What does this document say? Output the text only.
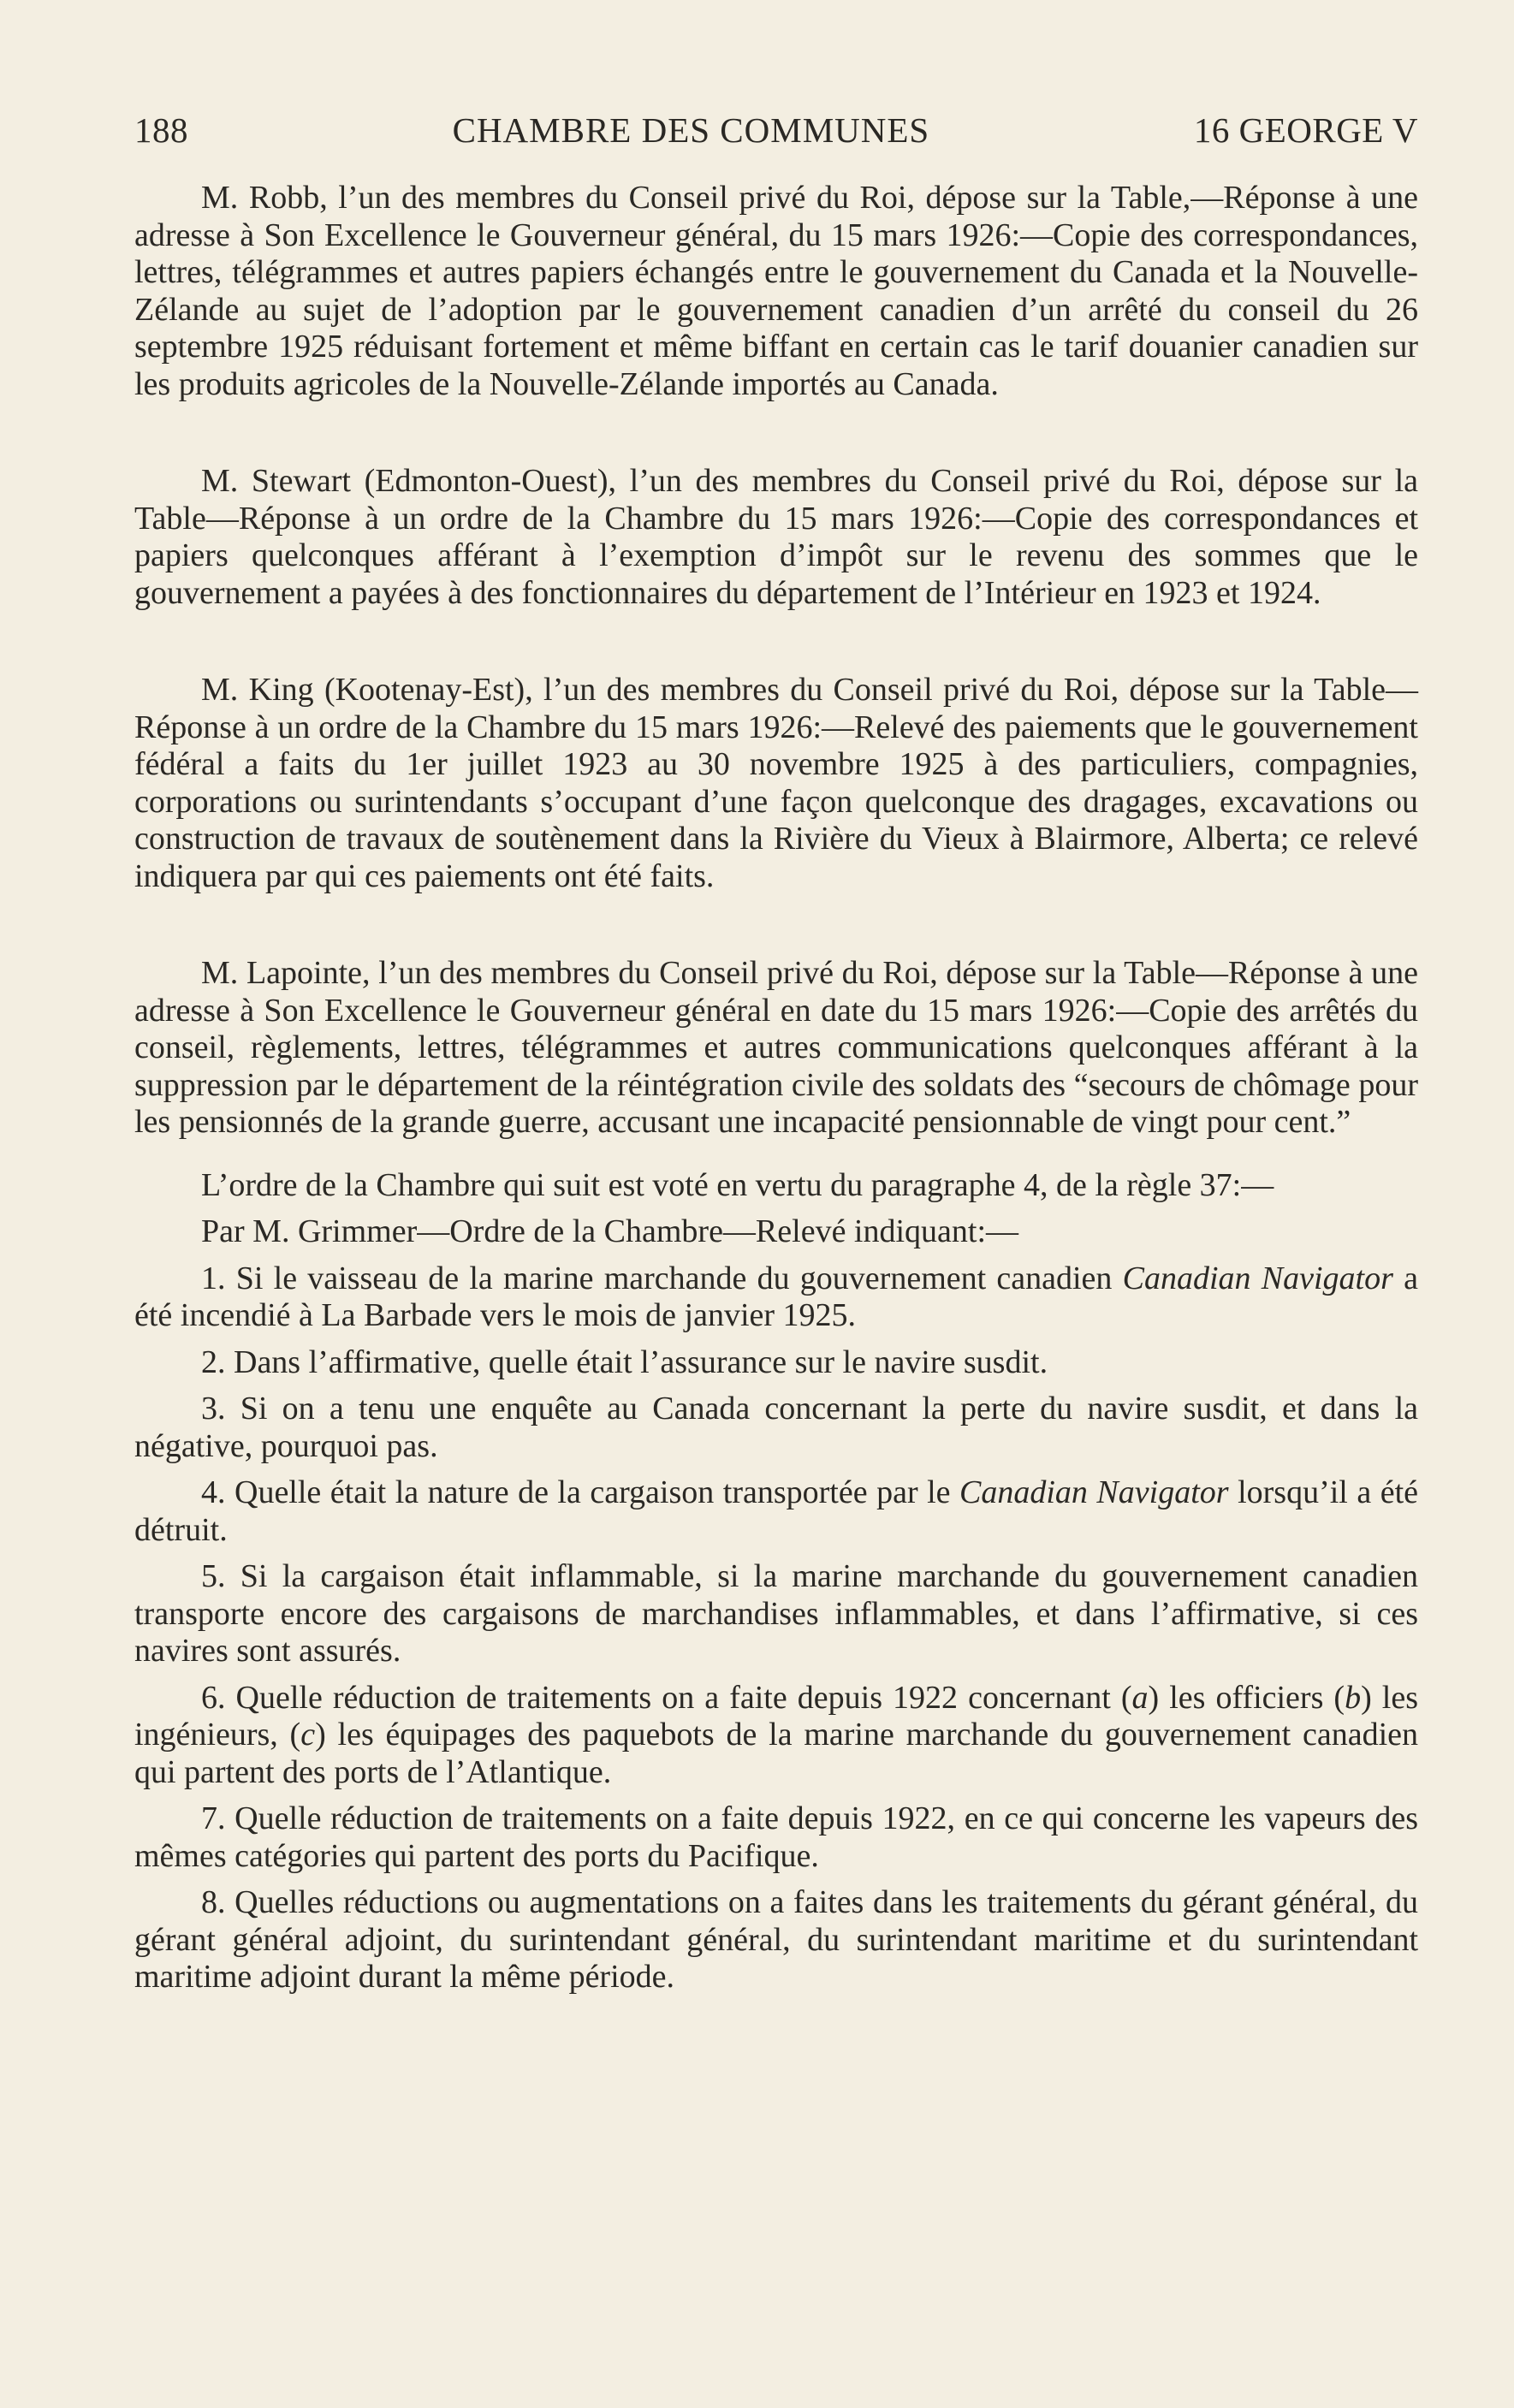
188	CHAMBRE DES COMMUNES	16 GEORGE V

M. Robb, l’un des membres du Conseil privé du Roi, dépose sur la Table,—Réponse à une adresse à Son Excellence le Gouverneur général, du 15 mars 1926:—Copie des correspondances, lettres, télégrammes et autres papiers échangés entre le gouvernement du Canada et la Nouvelle-Zélande au sujet de l’adoption par le gouvernement canadien d’un arrêté du conseil du 26 septembre 1925 réduisant fortement et même biffant en certain cas le tarif douanier canadien sur les produits agricoles de la Nouvelle-Zélande importés au Canada.

M. Stewart (Edmonton-Ouest), l’un des membres du Conseil privé du Roi, dépose sur la Table—Réponse à un ordre de la Chambre du 15 mars 1926:—Copie des correspondances et papiers quelconques afférant à l’exemption d’impôt sur le revenu des sommes que le gouvernement a payées à des fonctionnaires du département de l’Intérieur en 1923 et 1924.

M. King (Kootenay-Est), l’un des membres du Conseil privé du Roi, dépose sur la Table—Réponse à un ordre de la Chambre du 15 mars 1926:—Relevé des paiements que le gouvernement fédéral a faits du 1er juillet 1923 au 30 novembre 1925 à des particuliers, compagnies, corporations ou surintendants s’occupant d’une façon quelconque des dragages, excavations ou construction de travaux de soutènement dans la Rivière du Vieux à Blairmore, Alberta; ce relevé indiquera par qui ces paiements ont été faits.

M. Lapointe, l’un des membres du Conseil privé du Roi, dépose sur la Table—Réponse à une adresse à Son Excellence le Gouverneur général en date du 15 mars 1926:—Copie des arrêtés du conseil, règlements, lettres, télégrammes et autres communications quelconques afférant à la suppression par le département de la réintégration civile des soldats des “secours de chômage pour les pensionnés de la grande guerre, accusant une incapacité pensionnable de vingt pour cent.”

L’ordre de la Chambre qui suit est voté en vertu du paragraphe 4, de la règle 37:—

Par M. Grimmer—Ordre de la Chambre—Relevé indiquant:—

1. Si le vaisseau de la marine marchande du gouvernement canadien Canadian Navigator a été incendié à La Barbade vers le mois de janvier 1925.

2. Dans l’affirmative, quelle était l’assurance sur le navire susdit.

3. Si on a tenu une enquête au Canada concernant la perte du navire susdit, et dans la négative, pourquoi pas.

4. Quelle était la nature de la cargaison transportée par le Canadian Navigator lorsqu’il a été détruit.

5. Si la cargaison était inflammable, si la marine marchande du gouvernement canadien transporte encore des cargaisons de marchandises inflammables, et dans l’affirmative, si ces navires sont assurés.

6. Quelle réduction de traitements on a faite depuis 1922 concernant (a) les officiers (b) les ingénieurs, (c) les équipages des paquebots de la marine marchande du gouvernement canadien qui partent des ports de l’Atlantique.

7. Quelle réduction de traitements on a faite depuis 1922, en ce qui concerne les vapeurs des mêmes catégories qui partent des ports du Pacifique.

8. Quelles réductions ou augmentations on a faites dans les traitements du gérant général, du gérant général adjoint, du surintendant général, du surintendant maritime et du surintendant maritime adjoint durant la même période.
